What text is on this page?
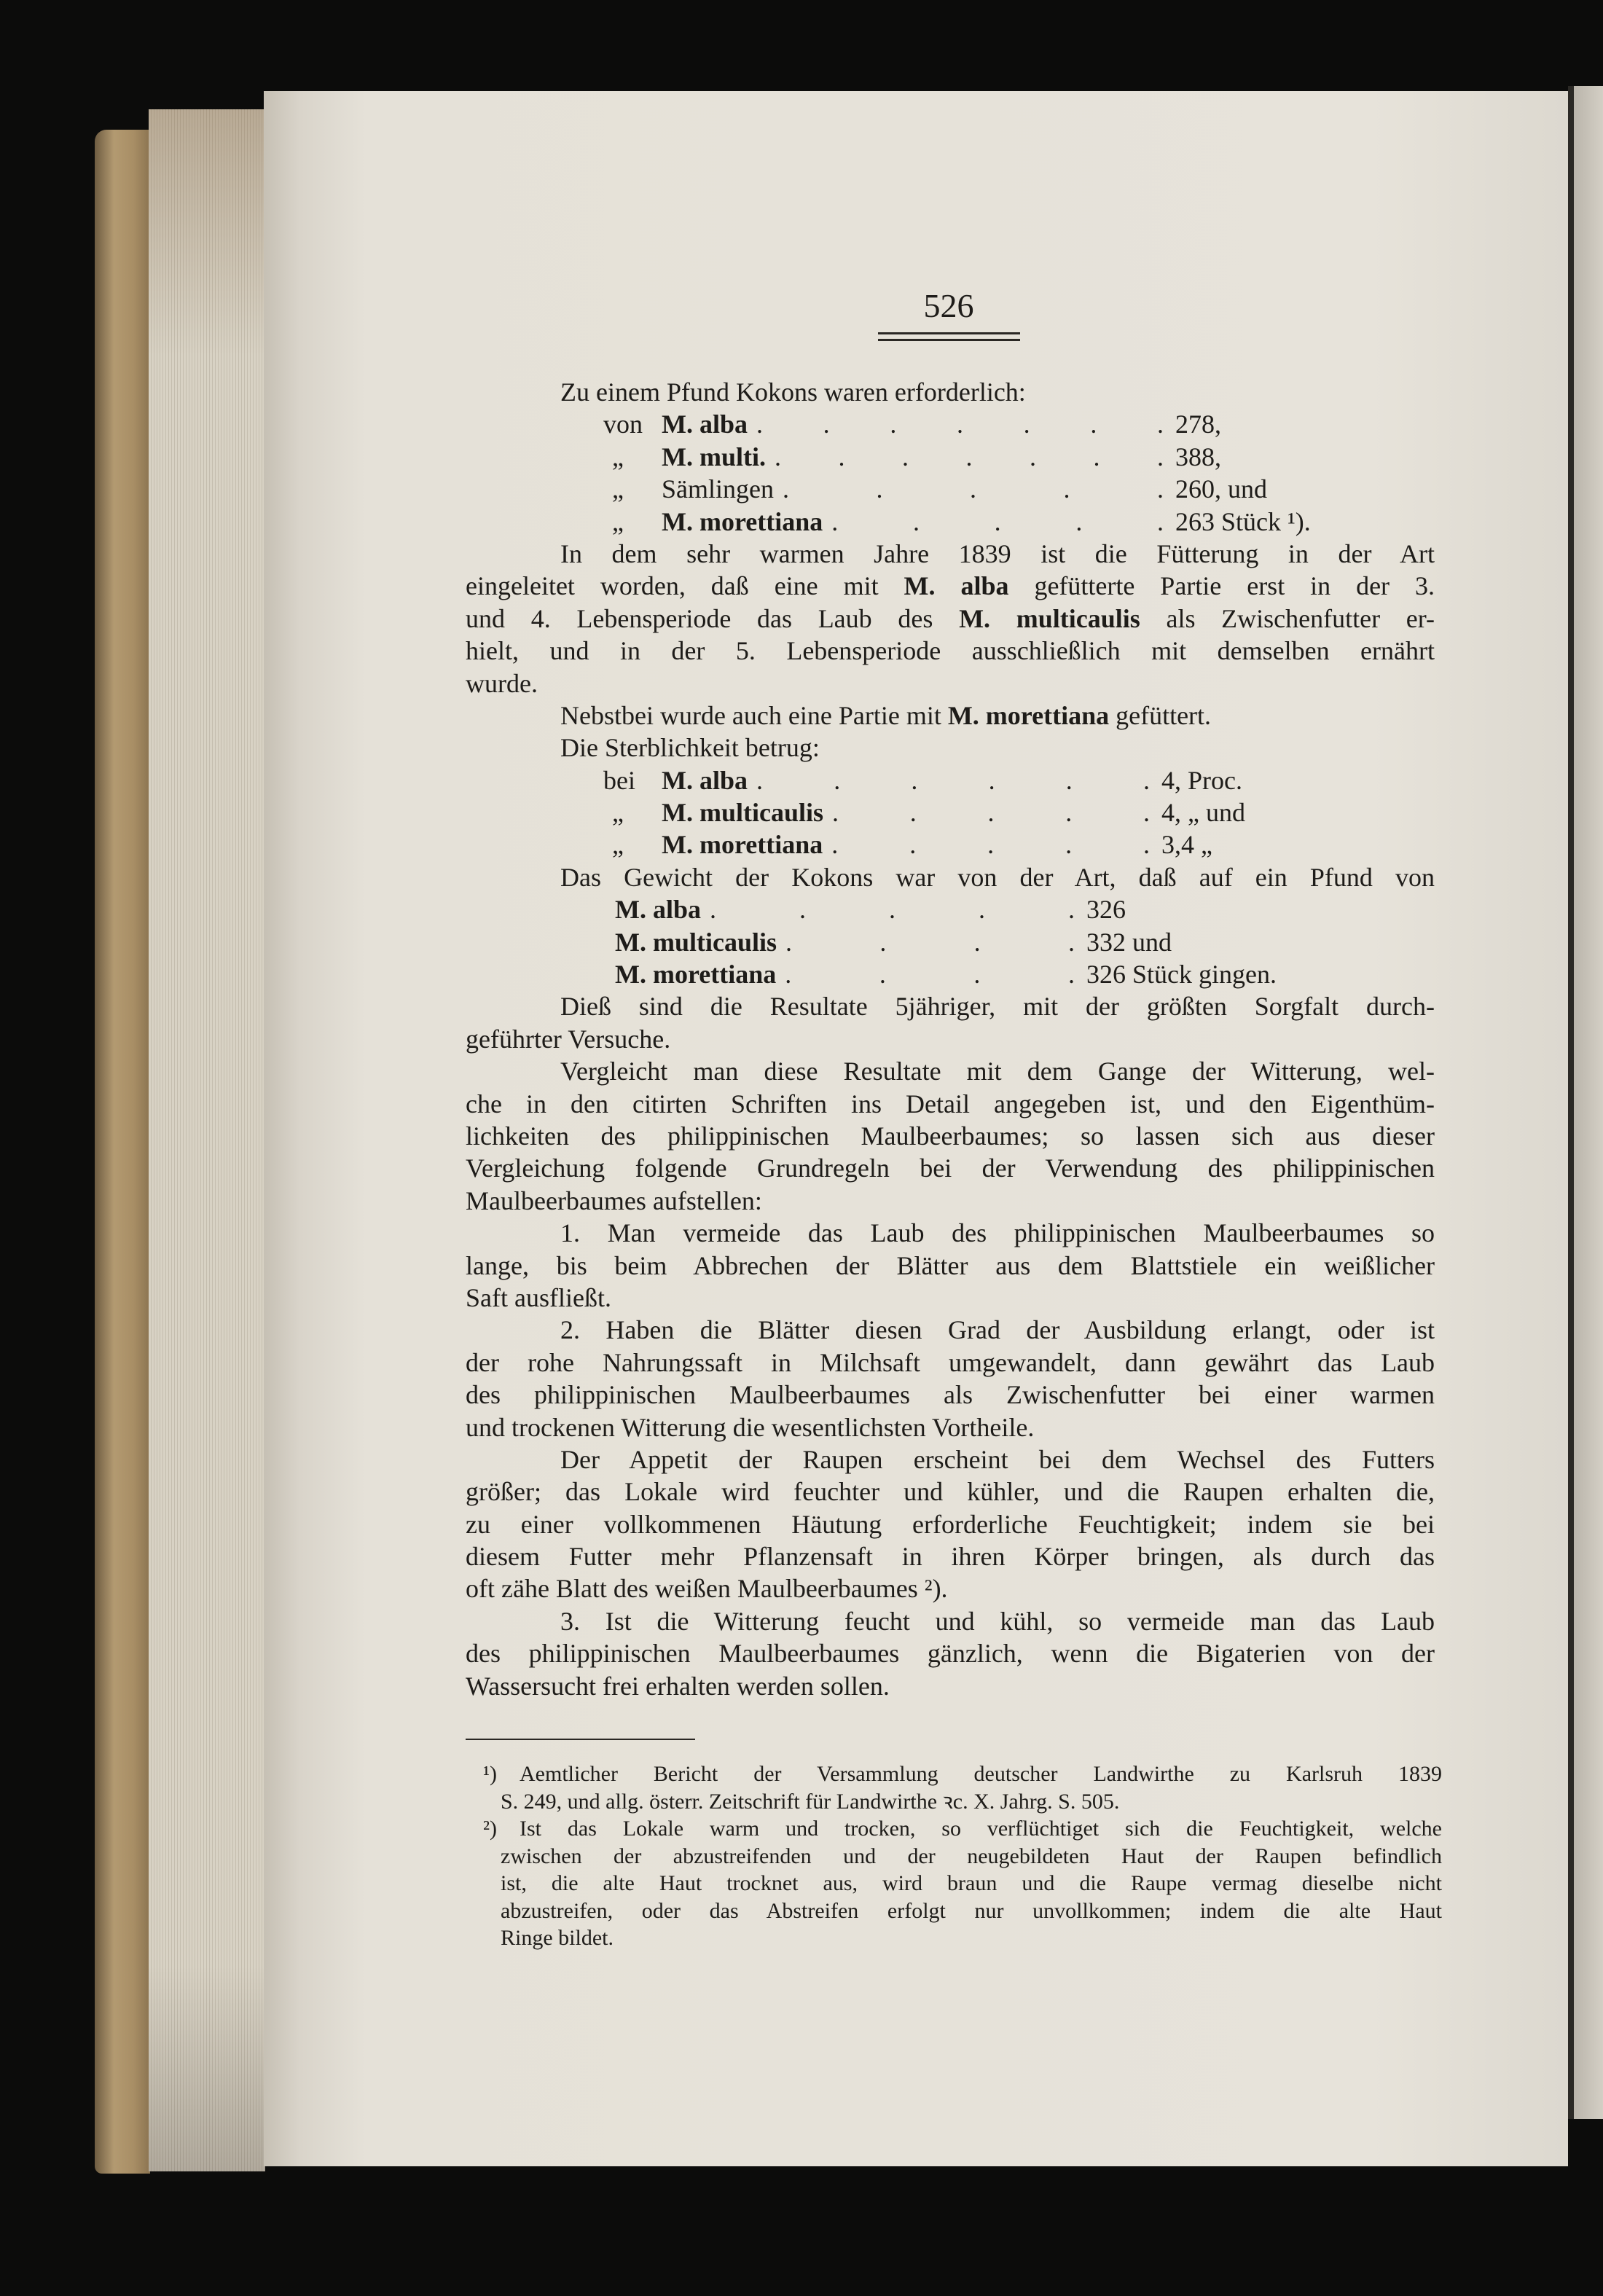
526
Zu einem Pfund Kokons waren erforderlich:
von M. alba . . . . . . . 278,
„ M. multi. . . . . . . . 388,
„ Sämlingen . . . . . 260, und
„ M. morettiana . . . . . 263 Stück ¹).
In dem sehr warmen Jahre 1839 ist die Fütterung in der Art
eingeleitet worden, daß eine mit M. alba gefütterte Partie erst in der 3.
und 4. Lebensperiode das Laub des M. multicaulis als Zwischenfutter er-
hielt, und in der 5. Lebensperiode ausschließlich mit demselben ernährt
wurde.
Nebstbei wurde auch eine Partie mit M. morettiana gefüttert.
Die Sterblichkeit betrug:
bei M. alba . . . . . . 4, Proc.
„ M. multicaulis . . . . . 4, „ und
„ M. morettiana . . . . . 3,4 „
Das Gewicht der Kokons war von der Art, daß auf ein Pfund von
M. alba . . . . . 326
M. multicaulis . . . . 332 und
M. morettiana . . . . 326 Stück gingen.
Dieß sind die Resultate 5jähriger, mit der größten Sorgfalt durch-
geführter Versuche.
Vergleicht man diese Resultate mit dem Gange der Witterung, wel-
che in den citirten Schriften ins Detail angegeben ist, und den Eigenthüm-
lichkeiten des philippinischen Maulbeerbaumes; so lassen sich aus dieser
Vergleichung folgende Grundregeln bei der Verwendung des philippinischen
Maulbeerbaumes aufstellen:
1. Man vermeide das Laub des philippinischen Maulbeerbaumes so
lange, bis beim Abbrechen der Blätter aus dem Blattstiele ein weißlicher
Saft ausfließt.
2. Haben die Blätter diesen Grad der Ausbildung erlangt, oder ist
der rohe Nahrungssaft in Milchsaft umgewandelt, dann gewährt das Laub
des philippinischen Maulbeerbaumes als Zwischenfutter bei einer warmen
und trockenen Witterung die wesentlichsten Vortheile.
Der Appetit der Raupen erscheint bei dem Wechsel des Futters
größer; das Lokale wird feuchter und kühler, und die Raupen erhalten die,
zu einer vollkommenen Häutung erforderliche Feuchtigkeit; indem sie bei
diesem Futter mehr Pflanzensaft in ihren Körper bringen, als durch das
oft zähe Blatt des weißen Maulbeerbaumes ²).
3. Ist die Witterung feucht und kühl, so vermeide man das Laub
des philippinischen Maulbeerbaumes gänzlich, wenn die Bigaterien von der
Wassersucht frei erhalten werden sollen.
¹) Aemtlicher Bericht der Versammlung deutscher Landwirthe zu Karlsruh 1839
S. 249, und allg. österr. Zeitschrift für Landwirthe ꝛc. X. Jahrg. S. 505.
²) Ist das Lokale warm und trocken, so verflüchtiget sich die Feuchtigkeit, welche
zwischen der abzustreifenden und der neugebildeten Haut der Raupen befindlich
ist, die alte Haut trocknet aus, wird braun und die Raupe vermag dieselbe nicht
abzustreifen, oder das Abstreifen erfolgt nur unvollkommen; indem die alte Haut
Ringe bildet.
